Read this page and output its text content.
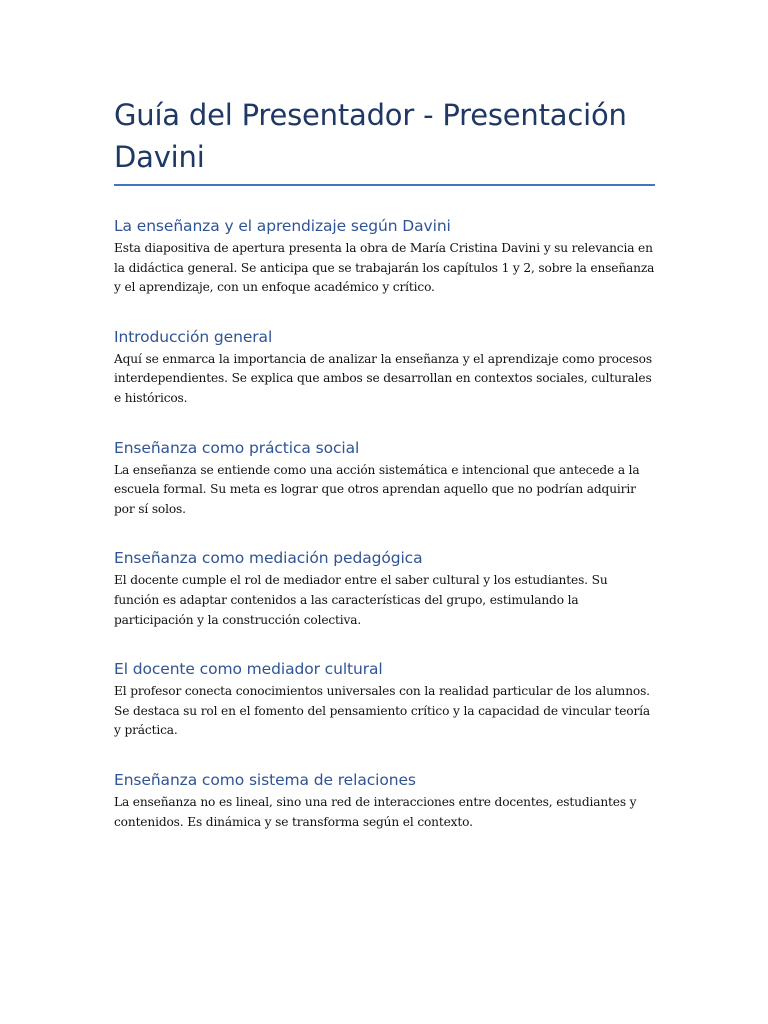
Guía del Presentador - Presentación Davini
La enseñanza y el aprendizaje según Davini

Esta diapositiva de apertura presenta la obra de María Cristina Davini y su relevancia en la didáctica general. Se anticipa que se trabajarán los capítulos 1 y 2, sobre la enseñanza y el aprendizaje, con un enfoque académico y crítico.

Introducción general

Aquí se enmarca la importancia de analizar la enseñanza y el aprendizaje como procesos interdependientes. Se explica que ambos se desarrollan en contextos sociales, culturales e históricos.

Enseñanza como práctica social

La enseñanza se entiende como una acción sistemática e intencional que antecede a la escuela formal. Su meta es lograr que otros aprendan aquello que no podrían adquirir por sí solos.

Enseñanza como mediación pedagógica

El docente cumple el rol de mediador entre el saber cultural y los estudiantes. Su función es adaptar contenidos a las características del grupo, estimulando la participación y la construcción colectiva.

El docente como mediador cultural

El profesor conecta conocimientos universales con la realidad particular de los alumnos. Se destaca su rol en el fomento del pensamiento crítico y la capacidad de vincular teoría y práctica.

Enseñanza como sistema de relaciones

La enseñanza no es lineal, sino una red de interacciones entre docentes, estudiantes y contenidos. Es dinámica y se transforma según el contexto.
